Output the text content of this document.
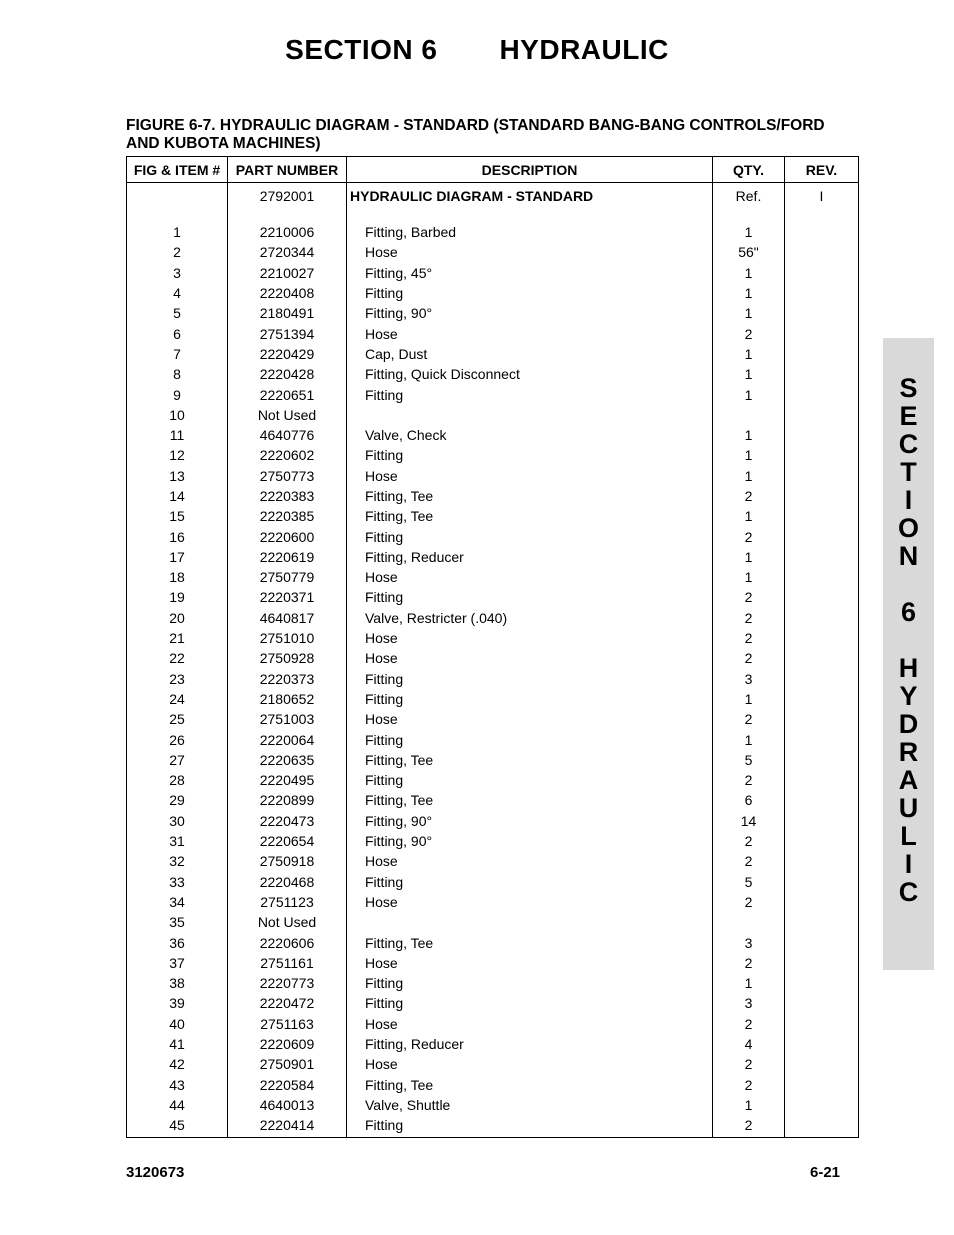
SECTION 6 HYDRAULIC
FIGURE 6-7. HYDRAULIC DIAGRAM - STANDARD (STANDARD BANG-BANG CONTROLS/FORD AND KUBOTA MACHINES)
FIG & ITEM #	PART NUMBER	DESCRIPTION	QTY.	REV.
	2792001	HYDRAULIC DIAGRAM - STANDARD	Ref.	I

1	2210006	Fitting, Barbed	1	
2	2720344	Hose	56"	
3	2210027	Fitting, 45°	1	
4	2220408	Fitting	1	
5	2180491	Fitting, 90°	1	
6	2751394	Hose	2	
7	2220429	Cap, Dust	1	
8	2220428	Fitting, Quick Disconnect	1	
9	2220651	Fitting	1	
10	Not Used			
11	4640776	Valve, Check	1	
12	2220602	Fitting	1	
13	2750773	Hose	1	
14	2220383	Fitting, Tee	2	
15	2220385	Fitting, Tee	1	
16	2220600	Fitting	2	
17	2220619	Fitting, Reducer	1	
18	2750779	Hose	1	
19	2220371	Fitting	2	
20	4640817	Valve, Restricter (.040)	2	
21	2751010	Hose	2	
22	2750928	Hose	2	
23	2220373	Fitting	3	
24	2180652	Fitting	1	
25	2751003	Hose	2	
26	2220064	Fitting	1	
27	2220635	Fitting, Tee	5	
28	2220495	Fitting	2	
29	2220899	Fitting, Tee	6	
30	2220473	Fitting, 90°	14	
31	2220654	Fitting, 90°	2	
32	2750918	Hose	2	
33	2220468	Fitting	5	
34	2751123	Hose	2	
35	Not Used			
36	2220606	Fitting, Tee	3	
37	2751161	Hose	2	
38	2220773	Fitting	1	
39	2220472	Fitting	3	
40	2751163	Hose	2	
41	2220609	Fitting, Reducer	4	
42	2750901	Hose	2	
43	2220584	Fitting, Tee	2	
44	4640013	Valve, Shuttle	1	
45	2220414	Fitting	2	
S
E
C
T
I
O
N
6
H
Y
D
R
A
U
L
I
C
3120673	6-21
